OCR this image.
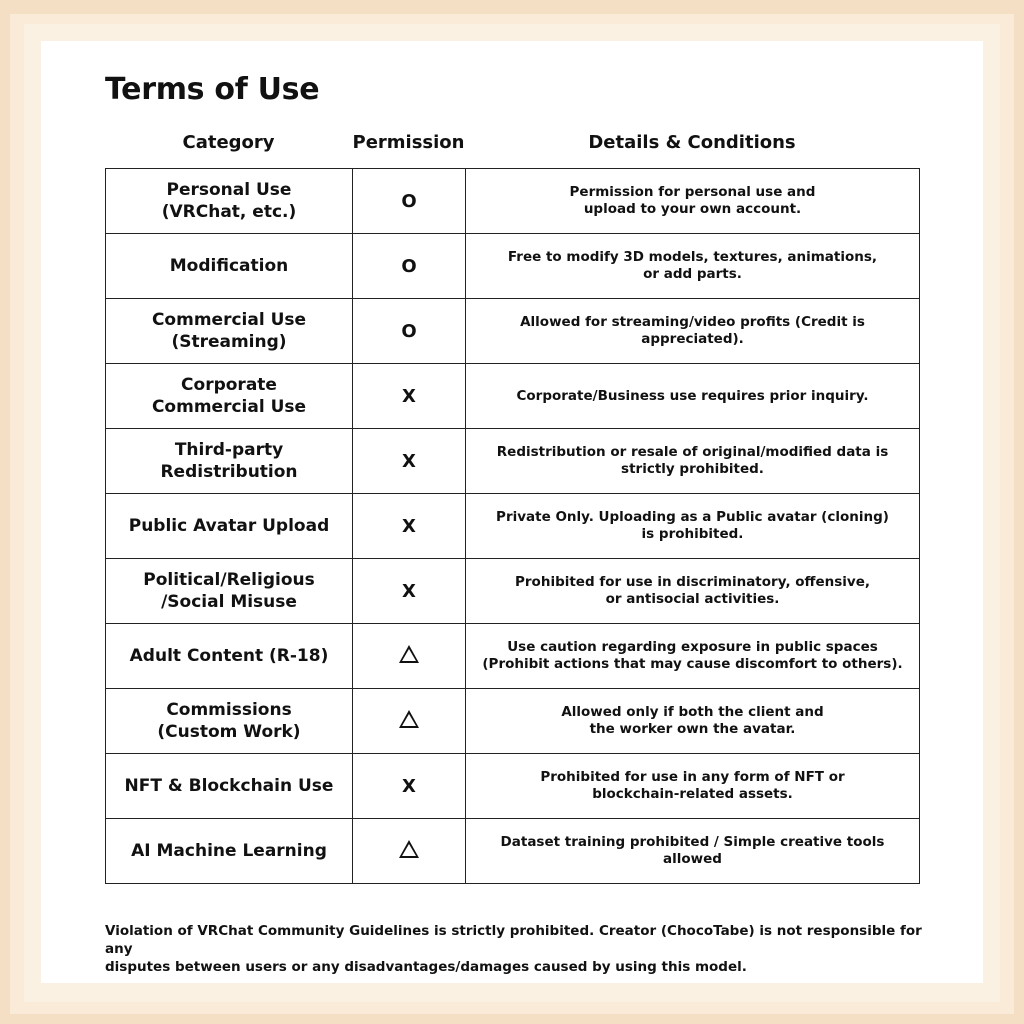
Terms of Use
Category	Permission	Details & Conditions
Personal Use
(VRChat, etc.)	O	Permission for personal use and
upload to your own account.
Modification	O	Free to modify 3D models, textures, animations,
or add parts.
Commercial Use
(Streaming)	O	Allowed for streaming/video profits (Credit is appreciated).
Corporate
Commercial Use	X	Corporate/Business use requires prior inquiry.
Third-party
Redistribution	X	Redistribution or resale of original/modified data is
strictly prohibited.
Public Avatar Upload	X	Private Only. Uploading as a Public avatar (cloning)
is prohibited.
Political/Religious
/Social Misuse	X	Prohibited for use in discriminatory, offensive,
or antisocial activities.
Adult Content (R-18)		Use caution regarding exposure in public spaces
(Prohibit actions that may cause discomfort to others).
Commissions
(Custom Work)		Allowed only if both the client and
the worker own the avatar.
NFT & Blockchain Use	X	Prohibited for use in any form of NFT or
blockchain-related assets.
AI Machine Learning		Dataset training prohibited / Simple creative tools allowed

Violation of VRChat Community Guidelines is strictly prohibited. Creator (ChocoTabe) is not responsible for any
disputes between users or any disadvantages/damages caused by using this model.
